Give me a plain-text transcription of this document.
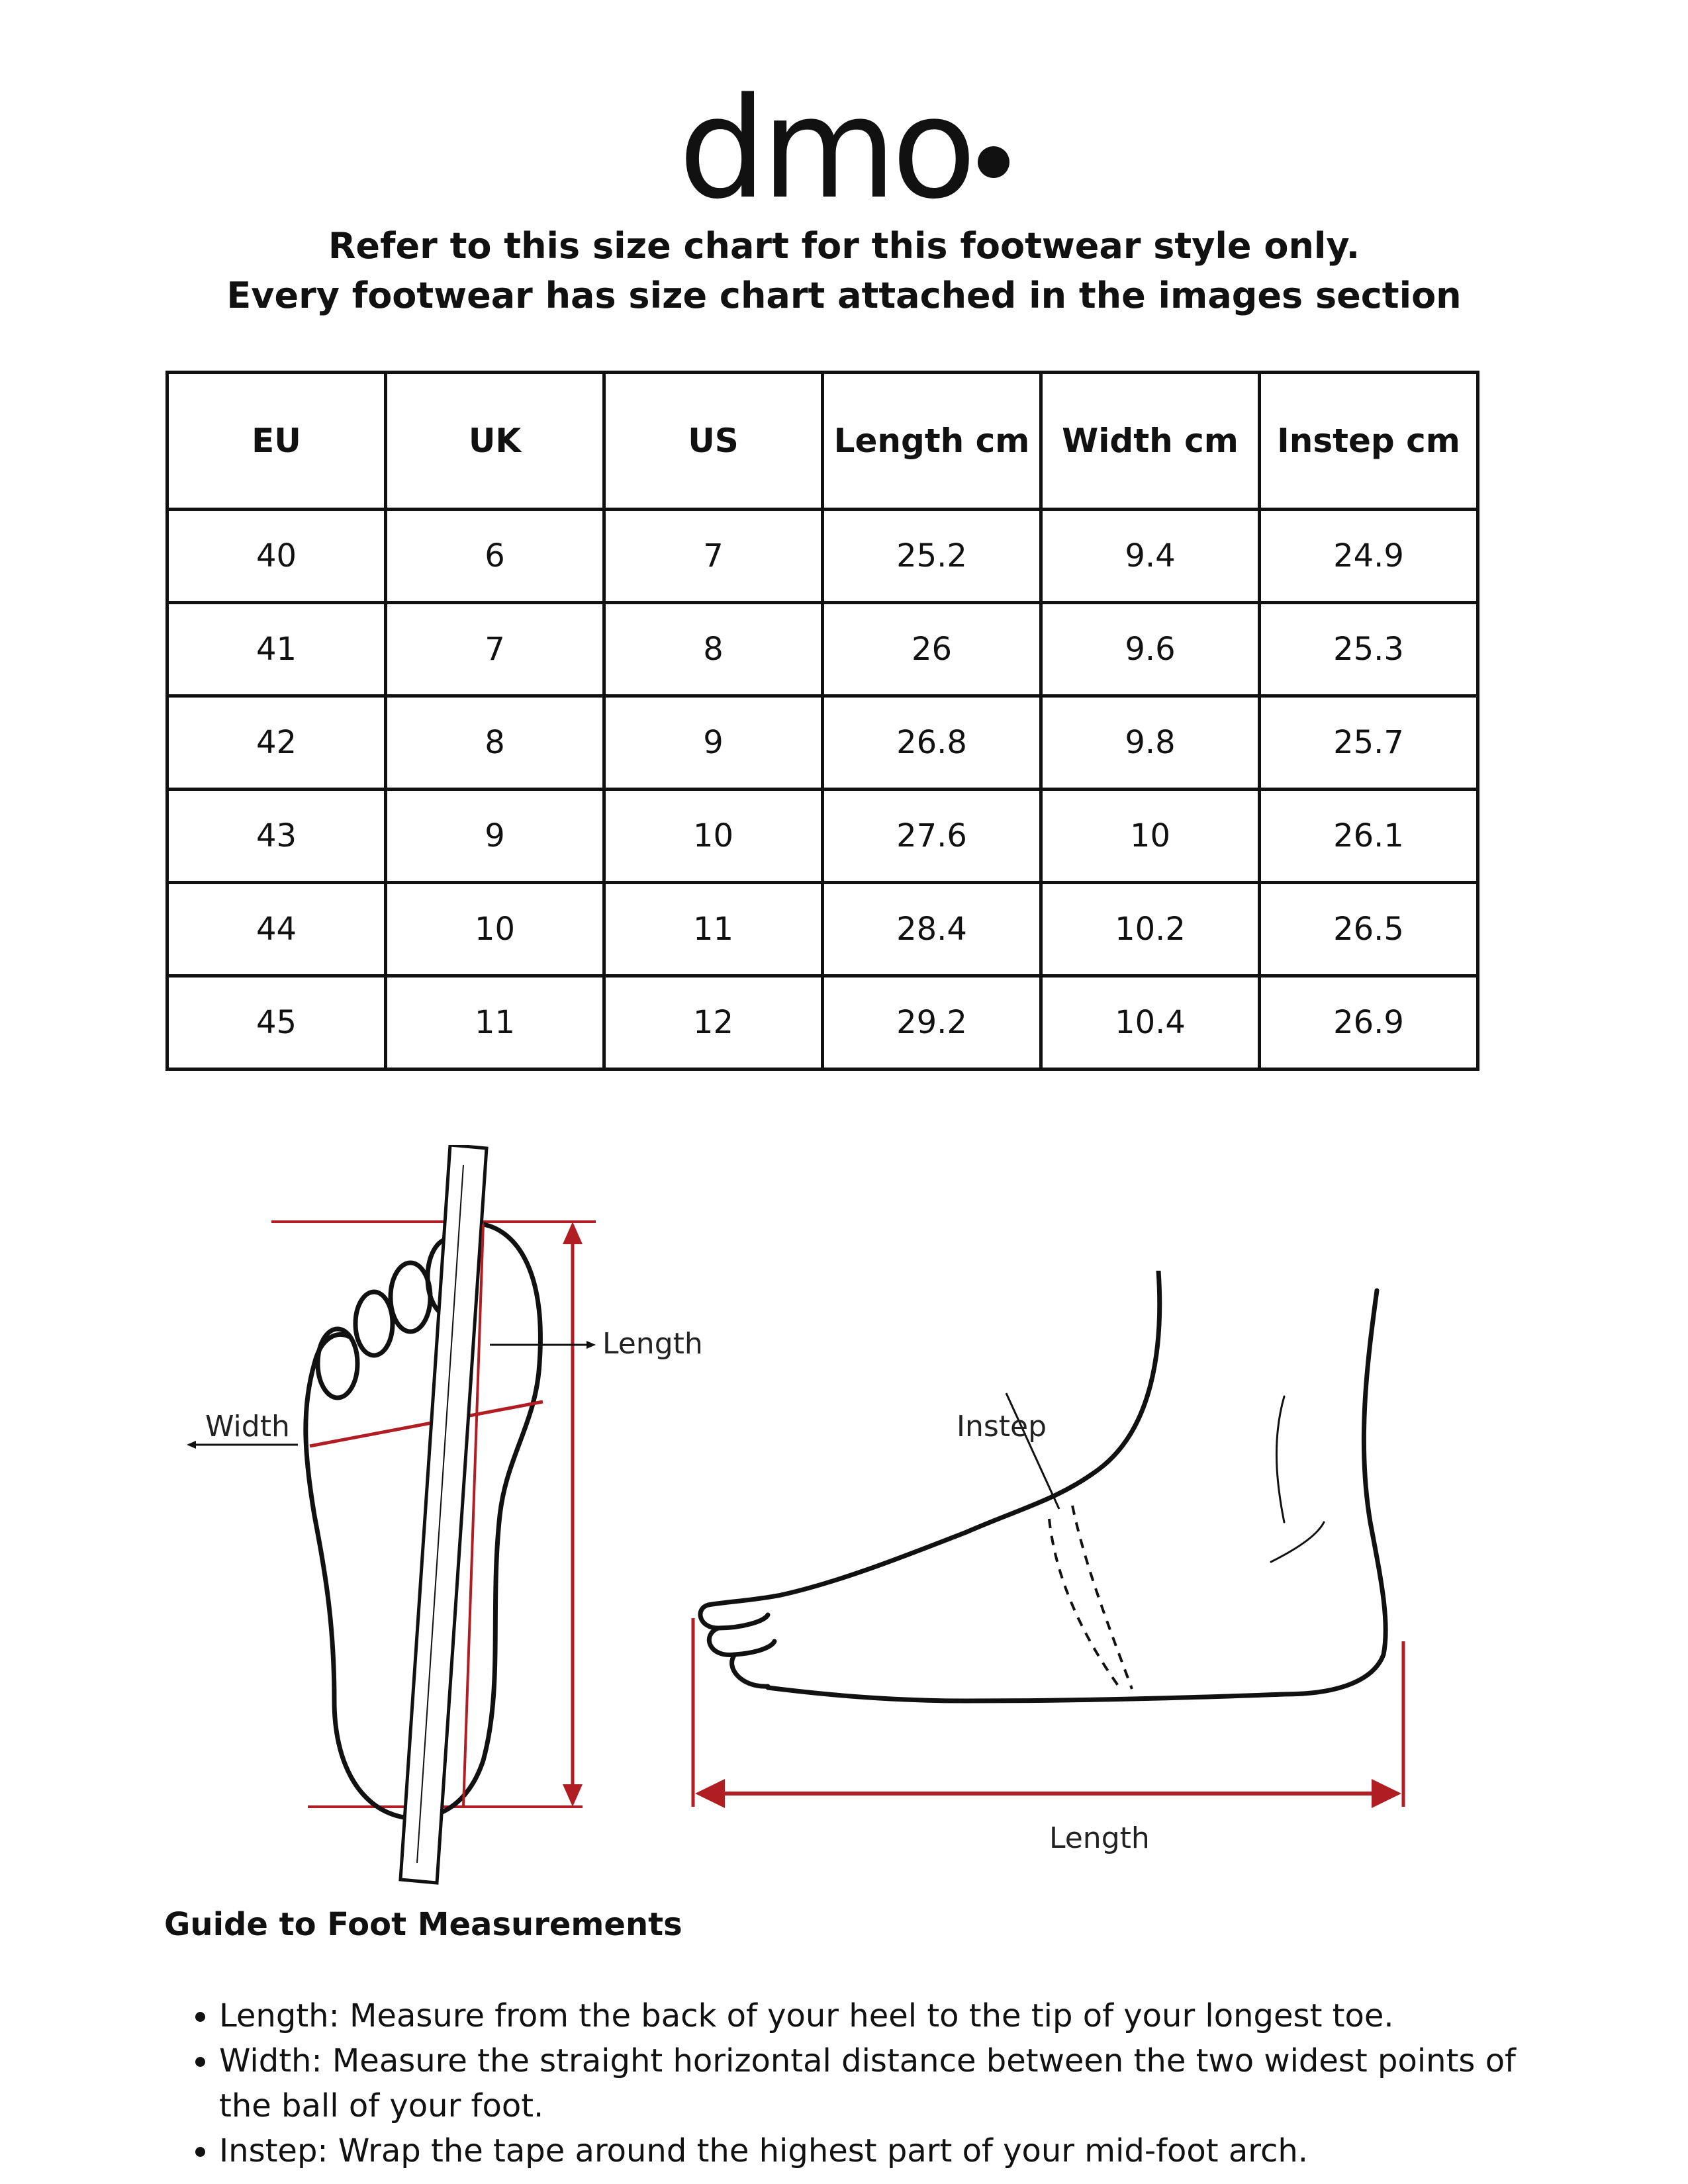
dmo
Refer to this size chart for this footwear style only.
Every footwear has size chart attached in the images section
EU	UK	US	Length cm	Width cm	Instep cm
40	6	7	25.2	9.4	24.9
41	7	8	26	9.6	25.3
42	8	9	26.8	9.8	25.7
43	9	10	27.6	10	26.1
44	10	11	28.4	10.2	26.5
45	11	12	29.2	10.4	26.9
Length
Width	Instep
Length
Guide to Foot Measurements
• Length: Measure from the back of your heel to the tip of your longest toe.
• Width: Measure the straight horizontal distance between the two widest points of the ball of your foot.
• Instep: Wrap the tape around the highest part of your mid-foot arch.
